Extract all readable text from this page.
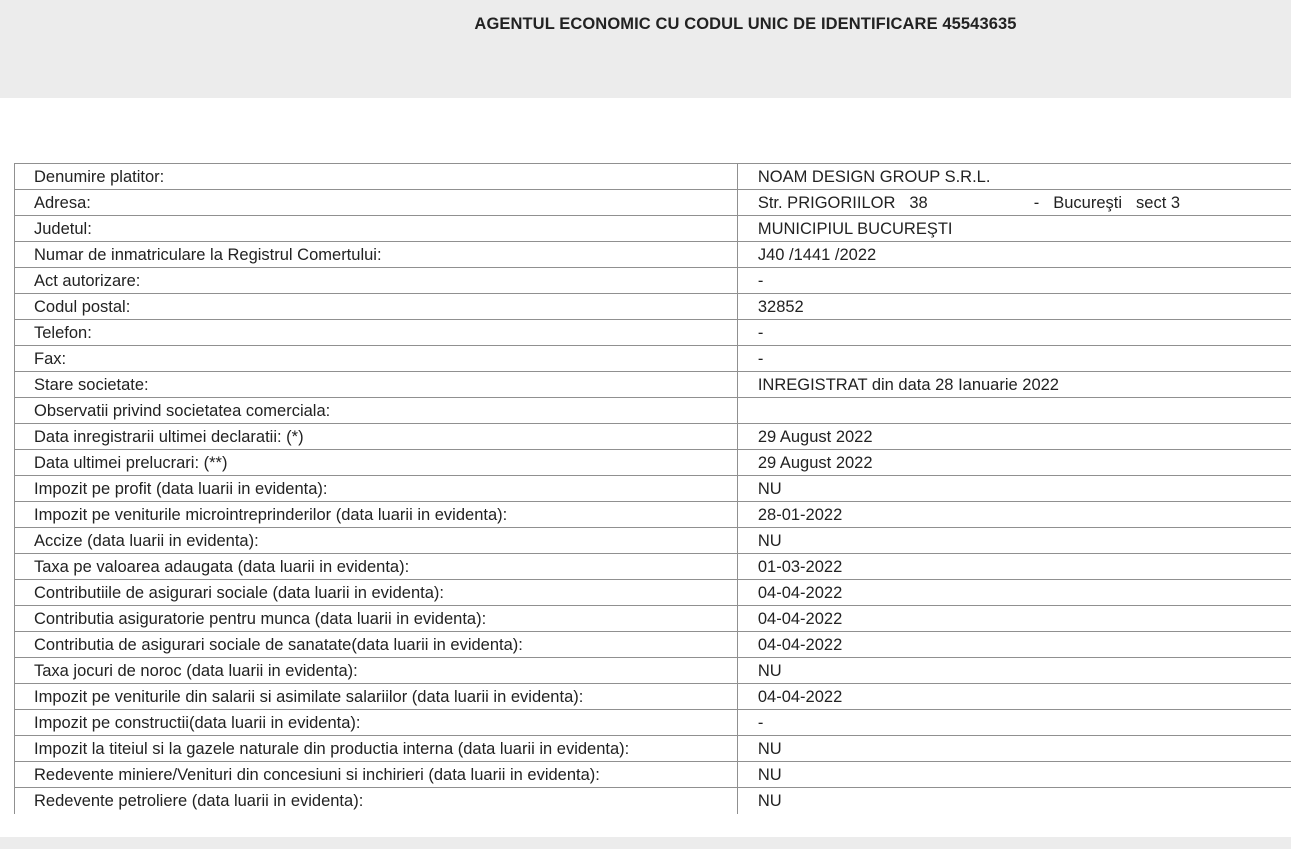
AGENTUL ECONOMIC CU CODUL UNIC DE IDENTIFICARE 45543635
Denumire platitor:	NOAM DESIGN GROUP S.R.L.
Adresa:	Str. PRIGORIILOR 38 - Bucureşti sect 3
Judetul:	MUNICIPIUL BUCUREŞTI
Numar de inmatriculare la Registrul Comertului:	J40 /1441 /2022
Act autorizare:	-
Codul postal:	32852
Telefon:	-
Fax:	-
Stare societate:	INREGISTRAT din data 28 Ianuarie 2022
Observatii privind societatea comerciala:	
Data inregistrarii ultimei declaratii: (*)	29 August 2022
Data ultimei prelucrari: (**)	29 August 2022
Impozit pe profit (data luarii in evidenta):	NU
Impozit pe veniturile microintreprinderilor (data luarii in evidenta):	28-01-2022
Accize (data luarii in evidenta):	NU
Taxa pe valoarea adaugata (data luarii in evidenta):	01-03-2022
Contributiile de asigurari sociale (data luarii in evidenta):	04-04-2022
Contributia asiguratorie pentru munca (data luarii in evidenta):	04-04-2022
Contributia de asigurari sociale de sanatate(data luarii in evidenta):	04-04-2022
Taxa jocuri de noroc (data luarii in evidenta):	NU
Impozit pe veniturile din salarii si asimilate salariilor (data luarii in evidenta):	04-04-2022
Impozit pe constructii(data luarii in evidenta):	-
Impozit la titeiul si la gazele naturale din productia interna (data luarii in evidenta):	NU
Redevente miniere/Venituri din concesiuni si inchirieri (data luarii in evidenta):	NU
Redevente petroliere (data luarii in evidenta):	NU
